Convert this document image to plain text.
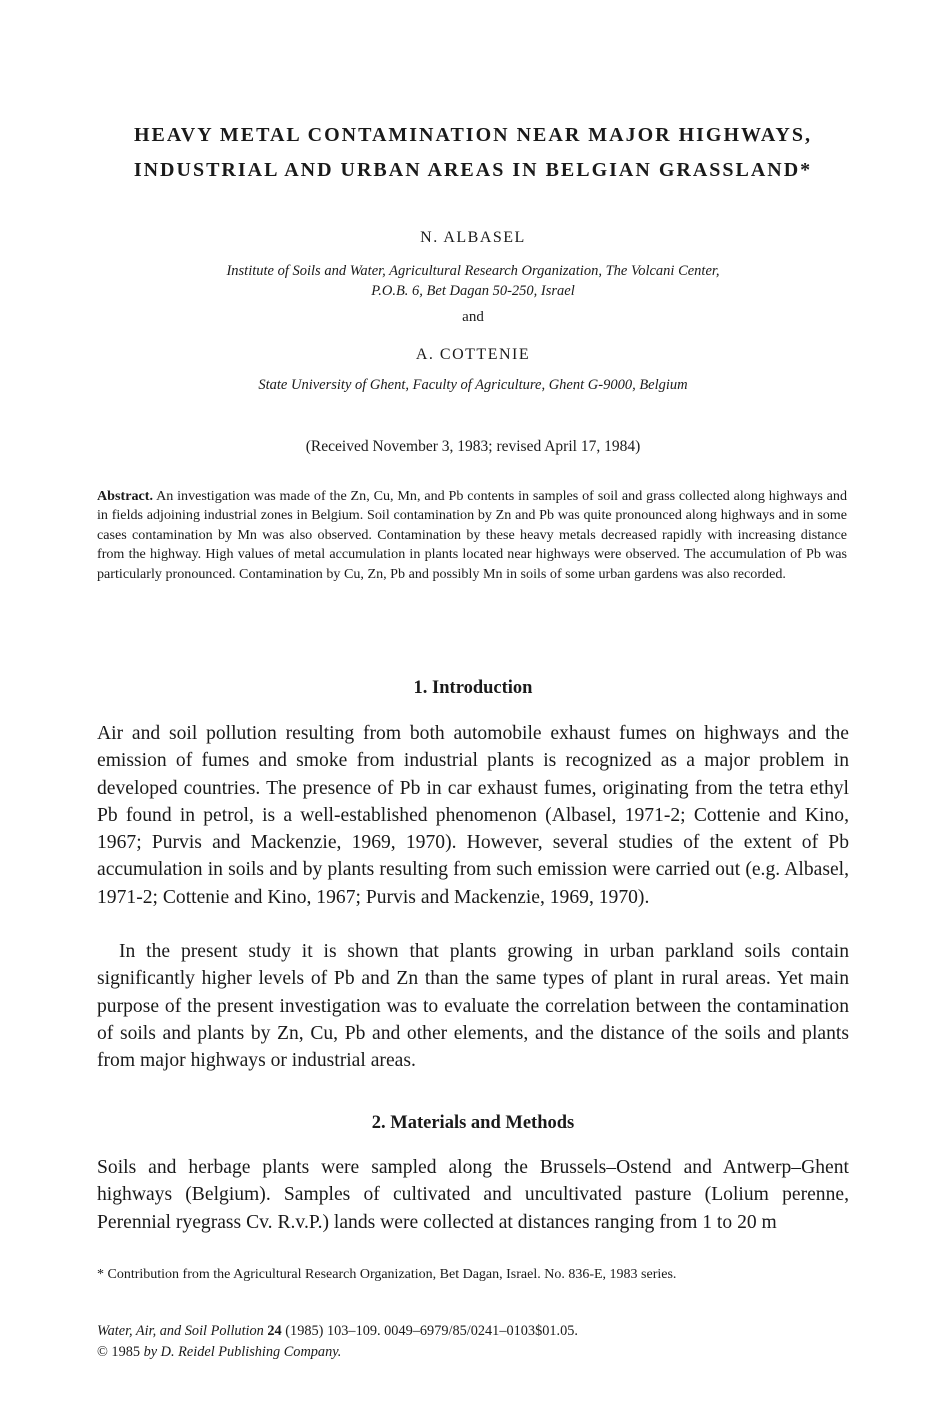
HEAVY METAL CONTAMINATION NEAR MAJOR HIGHWAYS,
INDUSTRIAL AND URBAN AREAS IN BELGIAN GRASSLAND*

N. ALBASEL

Institute of Soils and Water, Agricultural Research Organization, The Volcani Center,
P.O.B. 6, Bet Dagan 50-250, Israel

and

A. COTTENIE

State University of Ghent, Faculty of Agriculture, Ghent G-9000, Belgium

(Received November 3, 1983; revised April 17, 1984)

Abstract. An investigation was made of the Zn, Cu, Mn, and Pb contents in samples of soil and grass collected along highways and in fields adjoining industrial zones in Belgium. Soil contamination by Zn and Pb was quite pronounced along highways and in some cases contamination by Mn was also observed. Contamination by these heavy metals decreased rapidly with increasing distance from the highway. High values of metal accumulation in plants located near highways were observed. The accumulation of Pb was particularly pronounced. Contamination by Cu, Zn, Pb and possibly Mn in soils of some urban gardens was also recorded.

1. Introduction

Air and soil pollution resulting from both automobile exhaust fumes on highways and the emission of fumes and smoke from industrial plants is recognized as a major problem in developed countries. The presence of Pb in car exhaust fumes, originating from the tetra ethyl Pb found in petrol, is a well-established phenomenon (Albasel, 1971-2; Cottenie and Kino, 1967; Purvis and Mackenzie, 1969, 1970). However, several studies of the extent of Pb accumulation in soils and by plants resulting from such emission were carried out (e.g. Albasel, 1971-2; Cottenie and Kino, 1967; Purvis and Mackenzie, 1969, 1970).

In the present study it is shown that plants growing in urban parkland soils contain significantly higher levels of Pb and Zn than the same types of plant in rural areas. Yet main purpose of the present investigation was to evaluate the correlation between the contamination of soils and plants by Zn, Cu, Pb and other elements, and the distance of the soils and plants from major highways or industrial areas.

2. Materials and Methods

Soils and herbage plants were sampled along the Brussels–Ostend and Antwerp–Ghent highways (Belgium). Samples of cultivated and uncultivated pasture (Lolium perenne, Perennial ryegrass Cv. R.v.P.) lands were collected at distances ranging from 1 to 20 m

* Contribution from the Agricultural Research Organization, Bet Dagan, Israel. No. 836-E, 1983 series.

Water, Air, and Soil Pollution 24 (1985) 103–109. 0049–6979/85/0241–0103$01.05.
© 1985 by D. Reidel Publishing Company.
